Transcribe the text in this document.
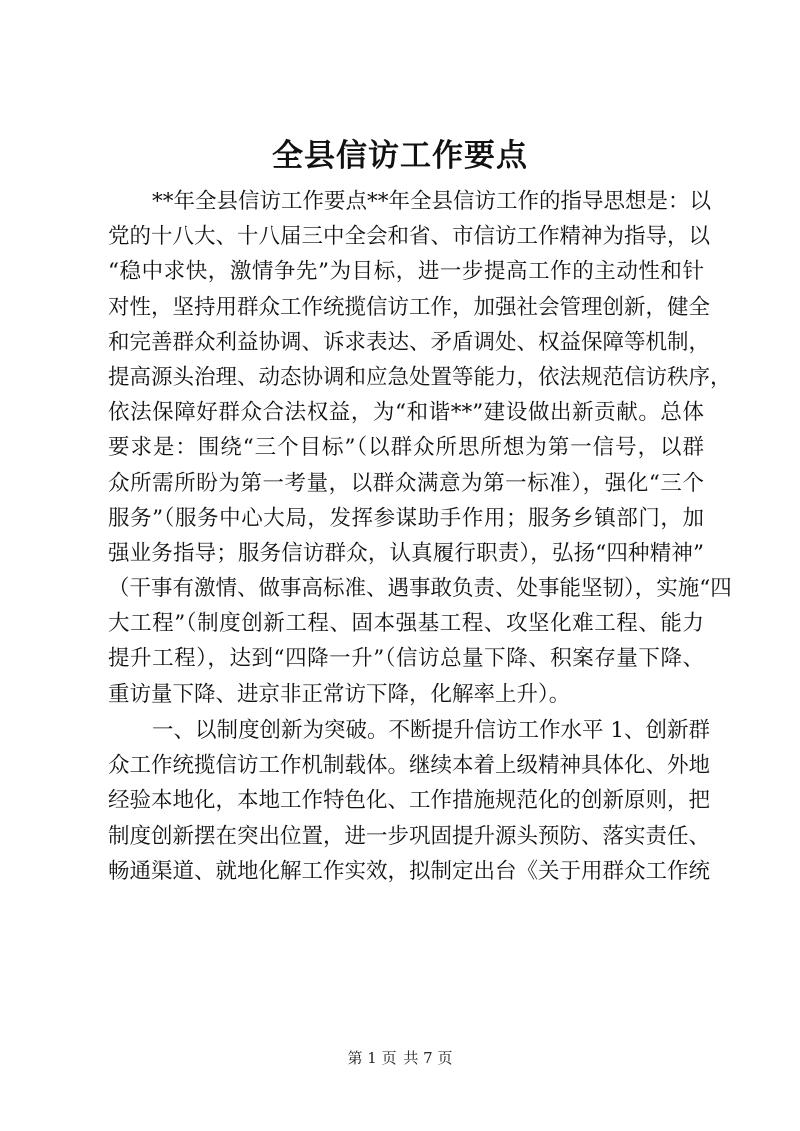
全县信访工作要点
**年全县信访工作要点**年全县信访工作的指导思想是：以
党的十八大、十八届三中全会和省、市信访工作精神为指导，以
“稳中求快，激情争先”为目标，进一步提高工作的主动性和针
对性，坚持用群众工作统揽信访工作，加强社会管理创新，健全
和完善群众利益协调、诉求表达、矛盾调处、权益保障等机制，
提高源头治理、动态协调和应急处置等能力，依法规范信访秩序，
依法保障好群众合法权益，为“和谐**”建设做出新贡献。总体
要求是：围绕“三个目标”（以群众所思所想为第一信号，以群
众所需所盼为第一考量，以群众满意为第一标准），强化“三个
服务”（服务中心大局，发挥参谋助手作用；服务乡镇部门，加
强业务指导；服务信访群众，认真履行职责），弘扬“四种精神”
（干事有激情、做事高标准、遇事敢负责、处事能坚韧），实施“四
大工程”（制度创新工程、固本强基工程、攻坚化难工程、能力
提升工程），达到“四降一升”（信访总量下降、积案存量下降、
重访量下降、进京非正常访下降，化解率上升）。
一、以制度创新为突破。不断提升信访工作水平 1、创新群
众工作统揽信访工作机制载体。继续本着上级精神具体化、外地
经验本地化，本地工作特色化、工作措施规范化的创新原则，把
制度创新摆在突出位置，进一步巩固提升源头预防、落实责任、
畅通渠道、就地化解工作实效，拟制定出台《关于用群众工作统
第 1 页 共 7 页
